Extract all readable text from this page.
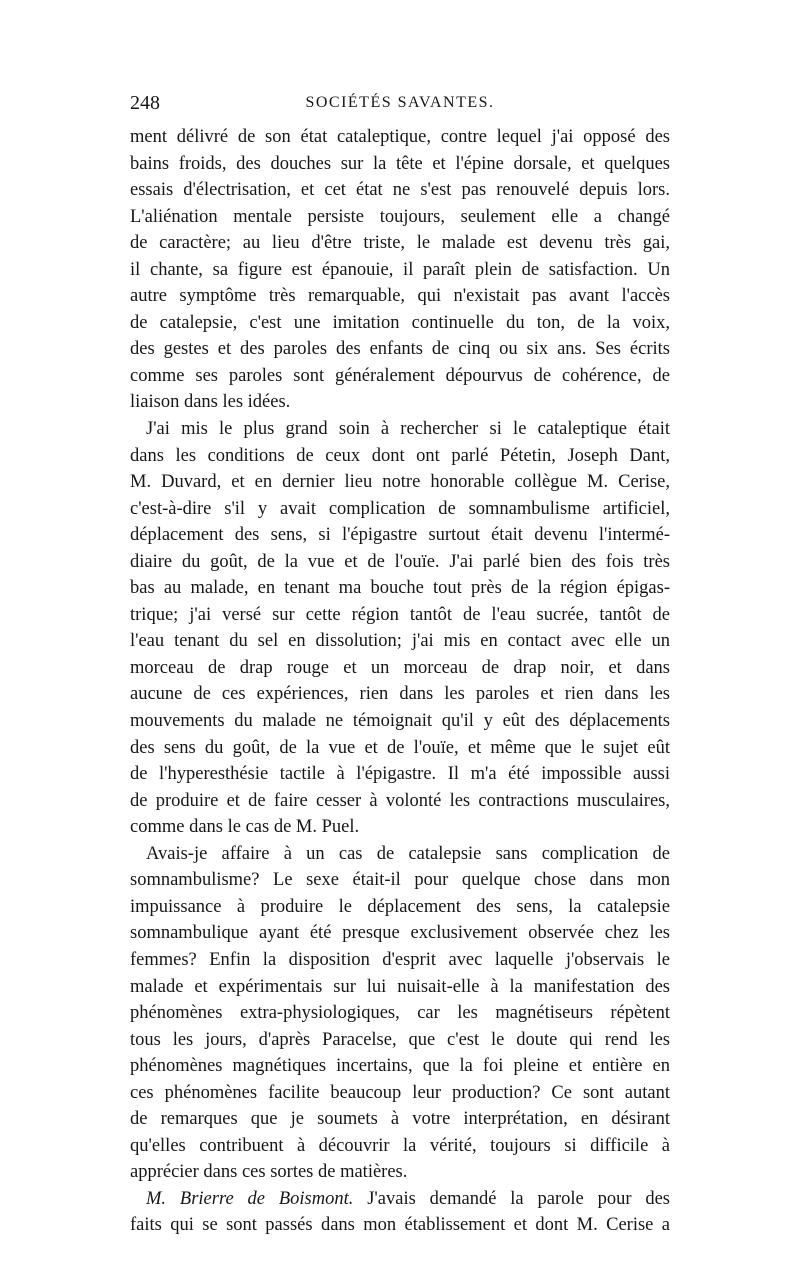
248	SOCIÉTÉS SAVANTES.
ment délivré de son état cataleptique, contre lequel j'ai opposé des
bains froids, des douches sur la tête et l'épine dorsale, et quelques
essais d'électrisation, et cet état ne s'est pas renouvelé depuis lors.
L'aliénation mentale persiste toujours, seulement elle a changé
de caractère; au lieu d'être triste, le malade est devenu très gai,
il chante, sa figure est épanouie, il paraît plein de satisfaction. Un
autre symptôme très remarquable, qui n'existait pas avant l'accès
de catalepsie, c'est une imitation continuelle du ton, de la voix,
des gestes et des paroles des enfants de cinq ou six ans. Ses écrits
comme ses paroles sont généralement dépourvus de cohérence, de
liaison dans les idées.
J'ai mis le plus grand soin à rechercher si le cataleptique était
dans les conditions de ceux dont ont parlé Pétetin, Joseph Dant,
M. Duvard, et en dernier lieu notre honorable collègue M. Cerise,
c'est-à-dire s'il y avait complication de somnambulisme artificiel,
déplacement des sens, si l'épigastre surtout était devenu l'intermé-
diaire du goût, de la vue et de l'ouïe. J'ai parlé bien des fois très
bas au malade, en tenant ma bouche tout près de la région épigas-
trique; j'ai versé sur cette région tantôt de l'eau sucrée, tantôt de
l'eau tenant du sel en dissolution; j'ai mis en contact avec elle un
morceau de drap rouge et un morceau de drap noir, et dans
aucune de ces expériences, rien dans les paroles et rien dans les
mouvements du malade ne témoignait qu'il y eût des déplacements
des sens du goût, de la vue et de l'ouïe, et même que le sujet eût
de l'hyperesthésie tactile à l'épigastre. Il m'a été impossible aussi
de produire et de faire cesser à volonté les contractions musculaires,
comme dans le cas de M. Puel.
Avais-je affaire à un cas de catalepsie sans complication de
somnambulisme? Le sexe était-il pour quelque chose dans mon
impuissance à produire le déplacement des sens, la catalepsie
somnambulique ayant été presque exclusivement observée chez les
femmes? Enfin la disposition d'esprit avec laquelle j'observais le
malade et expérimentais sur lui nuisait-elle à la manifestation des
phénomènes extra-physiologiques, car les magnétiseurs répètent
tous les jours, d'après Paracelse, que c'est le doute qui rend les
phénomènes magnétiques incertains, que la foi pleine et entière en
ces phénomènes facilite beaucoup leur production? Ce sont autant
de remarques que je soumets à votre interprétation, en désirant
qu'elles contribuent à découvrir la vérité, toujours si difficile à
apprécier dans ces sortes de matières.
M. Brierre de Boismont. J'avais demandé la parole pour des
faits qui se sont passés dans mon établissement et dont M. Cerise a
